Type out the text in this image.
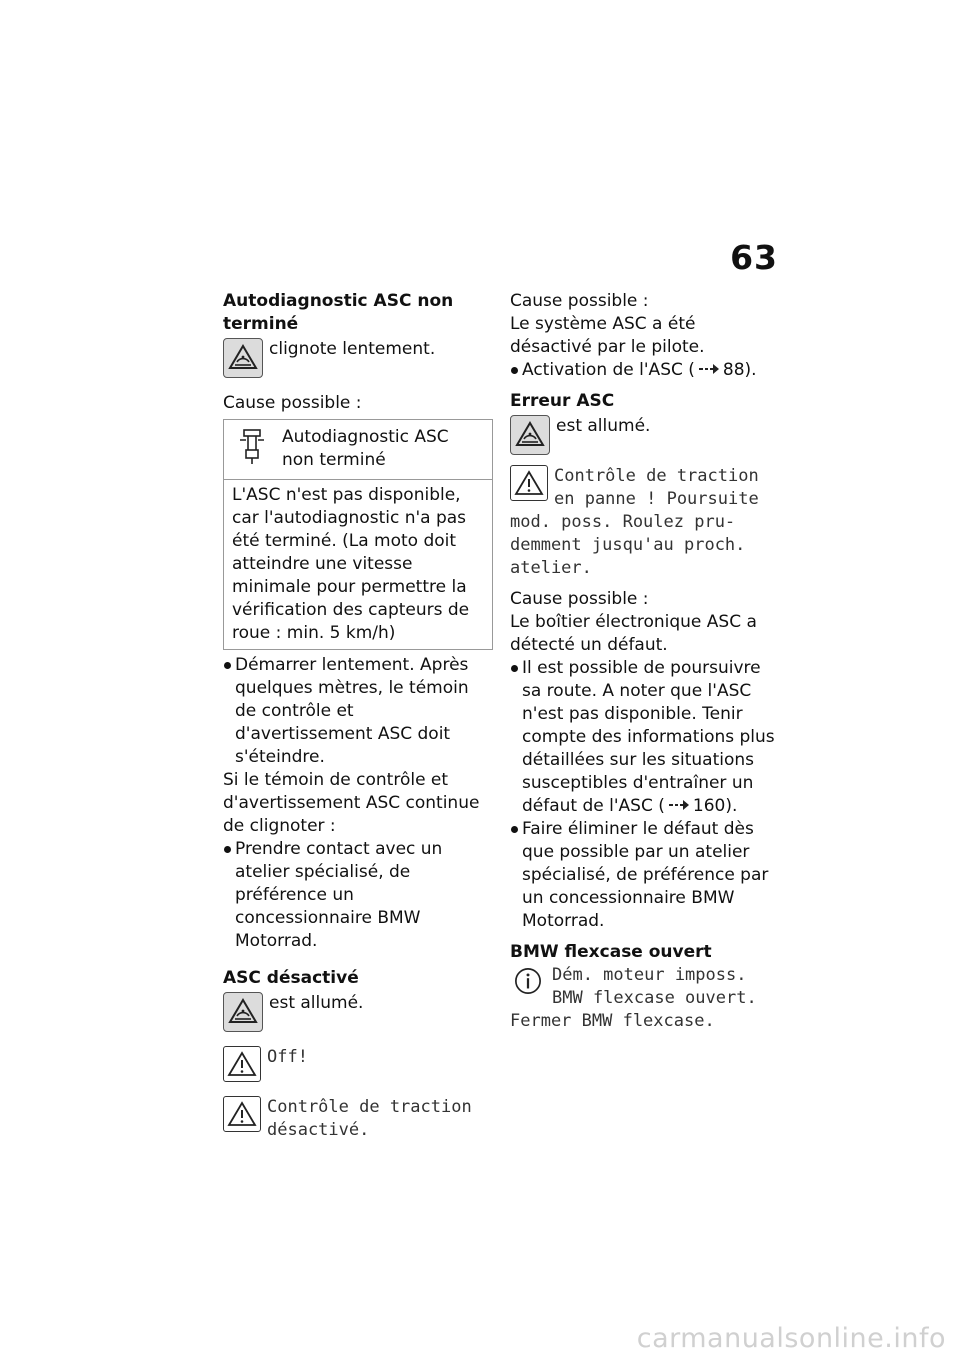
63

Autodiagnostic ASC non terminé

clignote lentement.

Cause possible :

Autodiagnostic ASC non terminé
L'ASC n'est pas disponible, car l'autodiagnostic n'a pas été terminé. (La moto doit atteindre une vitesse minimale pour permettre la vérification des capteurs de roue : min. 5 km/h)
Démarrer lentement. Après quelques mètres, le témoin de contrôle et d'avertissement ASC doit s'éteindre.

Si le témoin de contrôle et d'avertissement ASC continue de clignoter :

Prendre contact avec un atelier spécialisé, de préférence un concessionnaire BMW Motorrad.

ASC désactivé

est allumé.
Off!
Contrôle de traction
désactivé.

Cause possible :

Le système ASC a été désactivé par le pilote.

Activation de l'ASC ( 88).

Erreur ASC

est allumé.
Contrôle de traction
en panne ! Poursuite
mod. poss. Roulez pru-
demment jusqu'au proch.
atelier.

Cause possible :

Le boîtier électronique ASC a détecté un défaut.

Il est possible de poursuivre sa route. A noter que l'ASC n'est pas disponible. Tenir compte des informations plus détaillées sur les situations susceptibles d'entraîner un défaut de l'ASC ( 160).
Faire éliminer le défaut dès que possible par un atelier spécialisé, de préférence par un concessionnaire BMW Motorrad.

BMW flexcase ouvert

Dém. moteur imposs.
BMW flexcase ouvert.
Fermer BMW flexcase.
carmanualsonline.info
